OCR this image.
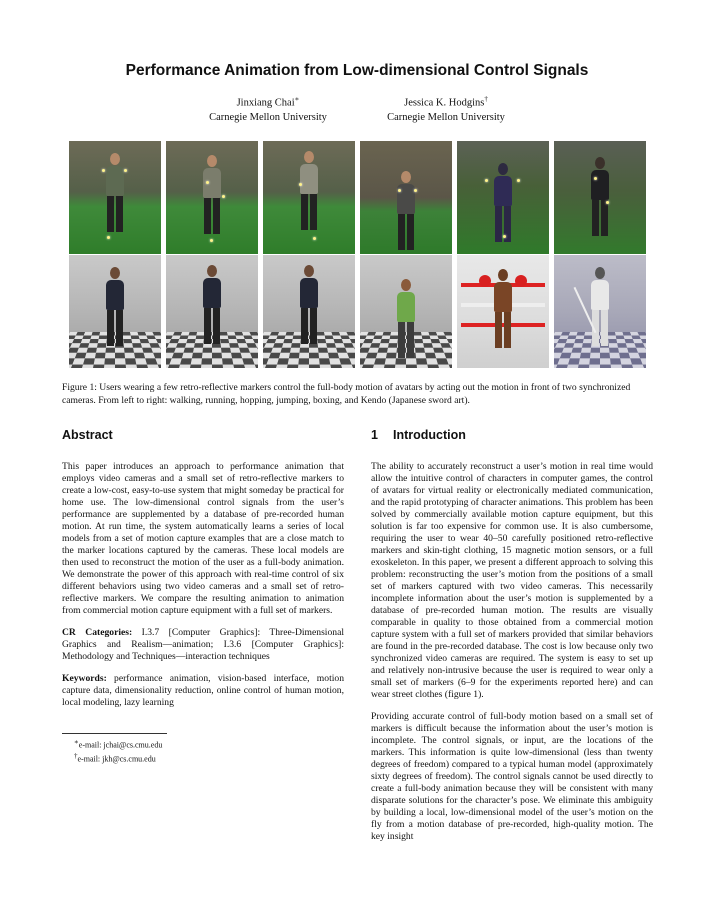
Performance Animation from Low-dimensional Control Signals
Jinxiang Chai∗
Carnegie Mellon University
Jessica K. Hodgins†
Carnegie Mellon University
Figure 1: Users wearing a few retro-reflective markers control the full-body motion of avatars by acting out the motion in front of two synchronized cameras. From left to right: walking, running, hopping, jumping, boxing, and Kendo (Japanese sword art).
Abstract	1 Introduction

This paper introduces an approach to performance animation that employs video cameras and a small set of retro-reflective markers to create a low-cost, easy-to-use system that might someday be practical for home use. The low-dimensional control signals from the user’s performance are supplemented by a database of pre-recorded human motion. At run time, the system automatically learns a series of local models from a set of motion capture examples that are a close match to the marker locations captured by the cameras. These local models are then used to reconstruct the motion of the user as a full-body animation. We demonstrate the power of this approach with real-time control of six different behaviors using two video cameras and a small set of retro-reflective markers. We compare the resulting animation to animation from commercial motion capture equipment with a full set of markers.

CR Categories: I.3.7 [Computer Graphics]: Three-Dimensional Graphics and Realism—animation; I.3.6 [Computer Graphics]: Methodology and Techniques—interaction techniques

Keywords: performance animation, vision-based interface, motion capture data, dimensionality reduction, online control of human motion, local modeling, lazy learning

∗e-mail: jchai@cs.cmu.edu
†e-mail: jkh@cs.cmu.edu

The ability to accurately reconstruct a user’s motion in real time would allow the intuitive control of characters in computer games, the control of avatars for virtual reality or electronically mediated communication, and the rapid prototyping of character animations. This problem has been solved by commercially available motion capture equipment, but this solution is far too expensive for common use. It is also cumbersome, requiring the user to wear 40–50 carefully positioned retro-reflective markers and skin-tight clothing, 15 magnetic motion sensors, or a full exoskeleton. In this paper, we present a different approach to solving this problem: reconstructing the user’s motion from the positions of a small set of markers captured with two video cameras. This necessarily incomplete information about the user’s motion is supplemented by a database of pre-recorded human motion. The results are visually comparable in quality to those obtained from a commercial motion capture system with a full set of markers provided that similar behaviors are found in the pre-recorded database. The cost is low because only two synchronized video cameras are required. The system is easy to set up and relatively non-intrusive because the user is required to wear only a small set of markers (6–9 for the experiments reported here) and can wear street clothes (figure 1).

Providing accurate control of full-body motion based on a small set of markers is difficult because the information about the user’s motion is incomplete. The control signals, or input, are the locations of the markers. This information is quite low-dimensional (less than twenty degrees of freedom) compared to a typical human model (approximately sixty degrees of freedom). The control signals cannot be used directly to create a full-body animation because they will be consistent with many disparate solutions for the character’s pose. We eliminate this ambiguity by building a local, low-dimensional model of the user’s motion on the fly from a motion database of pre-recorded, high-quality motion. The key insight
